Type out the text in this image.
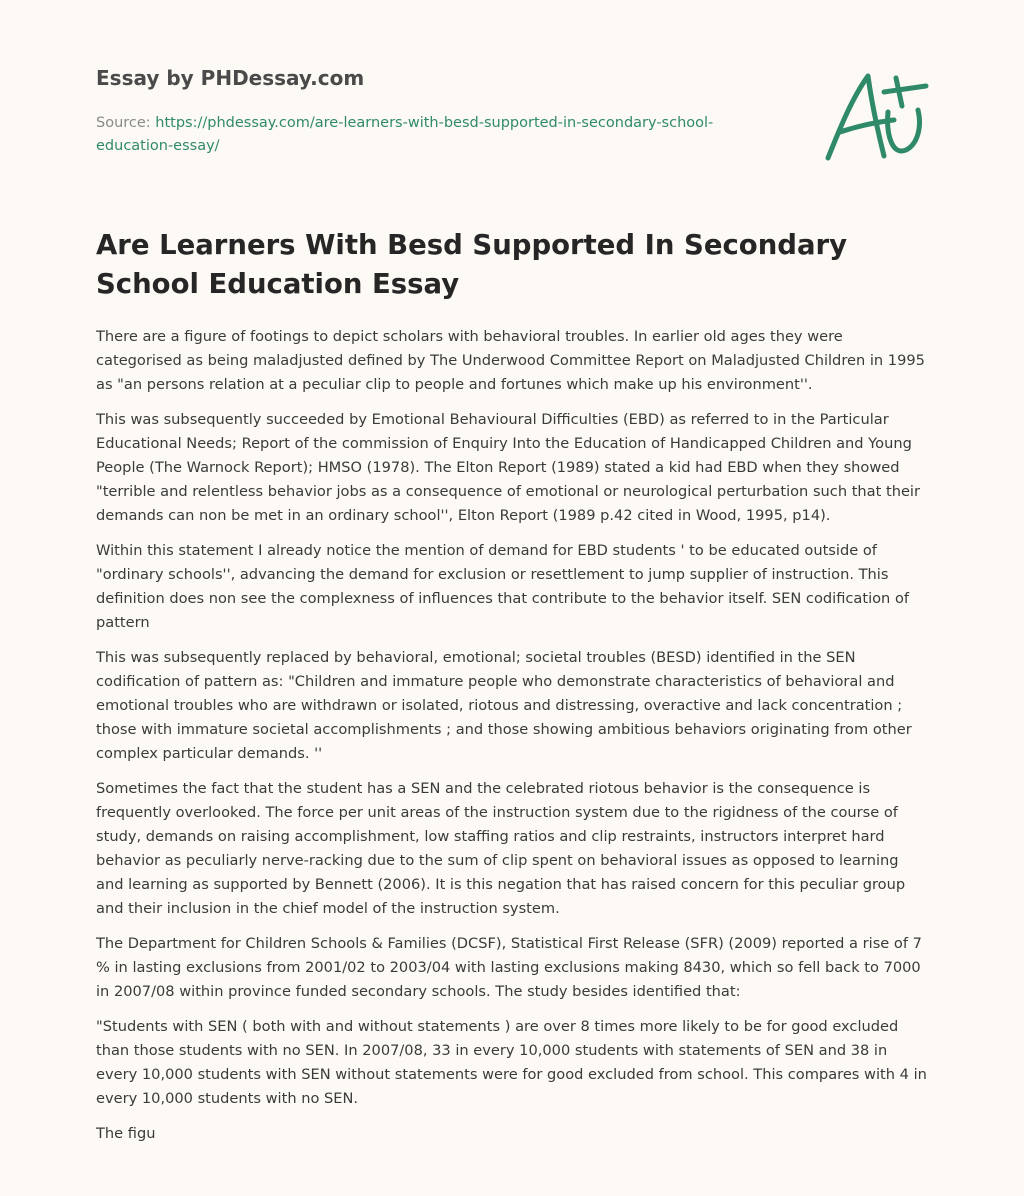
Essay by PHDessay.com
Source: https://phdessay.com/are-learners-with-besd-supported-in-secondary-school-education-essay/
Are Learners With Besd Supported In Secondary School Education Essay

There are a figure of footings to depict scholars with behavioral troubles. In earlier old ages they were categorised as being maladjusted defined by The Underwood Committee Report on Maladjusted Children in 1995 as "an persons relation at a peculiar clip to people and fortunes which make up his environment''.

This was subsequently succeeded by Emotional Behavioural Difficulties (EBD) as referred to in the Particular Educational Needs; Report of the commission of Enquiry Into the Education of Handicapped Children and Young People (The Warnock Report); HMSO (1978). The Elton Report (1989) stated a kid had EBD when they showed "terrible and relentless behavior jobs as a consequence of emotional or neurological perturbation such that their demands can non be met in an ordinary school'', Elton Report (1989 p.42 cited in Wood, 1995, p14).

Within this statement I already notice the mention of demand for EBD students ' to be educated outside of "ordinary schools'', advancing the demand for exclusion or resettlement to jump supplier of instruction. This definition does non see the complexness of influences that contribute to the behavior itself. SEN codification of pattern

This was subsequently replaced by behavioral, emotional; societal troubles (BESD) identified in the SEN codification of pattern as: "Children and immature people who demonstrate characteristics of behavioral and emotional troubles who are withdrawn or isolated, riotous and distressing, overactive and lack concentration ; those with immature societal accomplishments ; and those showing ambitious behaviors originating from other complex particular demands. ''

Sometimes the fact that the student has a SEN and the celebrated riotous behavior is the consequence is frequently overlooked. The force per unit areas of the instruction system due to the rigidness of the course of study, demands on raising accomplishment, low staffing ratios and clip restraints, instructors interpret hard behavior as peculiarly nerve-racking due to the sum of clip spent on behavioral issues as opposed to learning and learning as supported by Bennett (2006). It is this negation that has raised concern for this peculiar group and their inclusion in the chief model of the instruction system.

The Department for Children Schools & Families (DCSF), Statistical First Release (SFR) (2009) reported a rise of 7 % in lasting exclusions from 2001/02 to 2003/04 with lasting exclusions making 8430, which so fell back to 7000 in 2007/08 within province funded secondary schools. The study besides identified that:

"Students with SEN ( both with and without statements ) are over 8 times more likely to be for good excluded than those students with no SEN. In 2007/08, 33 in every 10,000 students with statements of SEN and 38 in every 10,000 students with SEN without statements were for good excluded from school. This compares with 4 in every 10,000 students with no SEN.

The figu
